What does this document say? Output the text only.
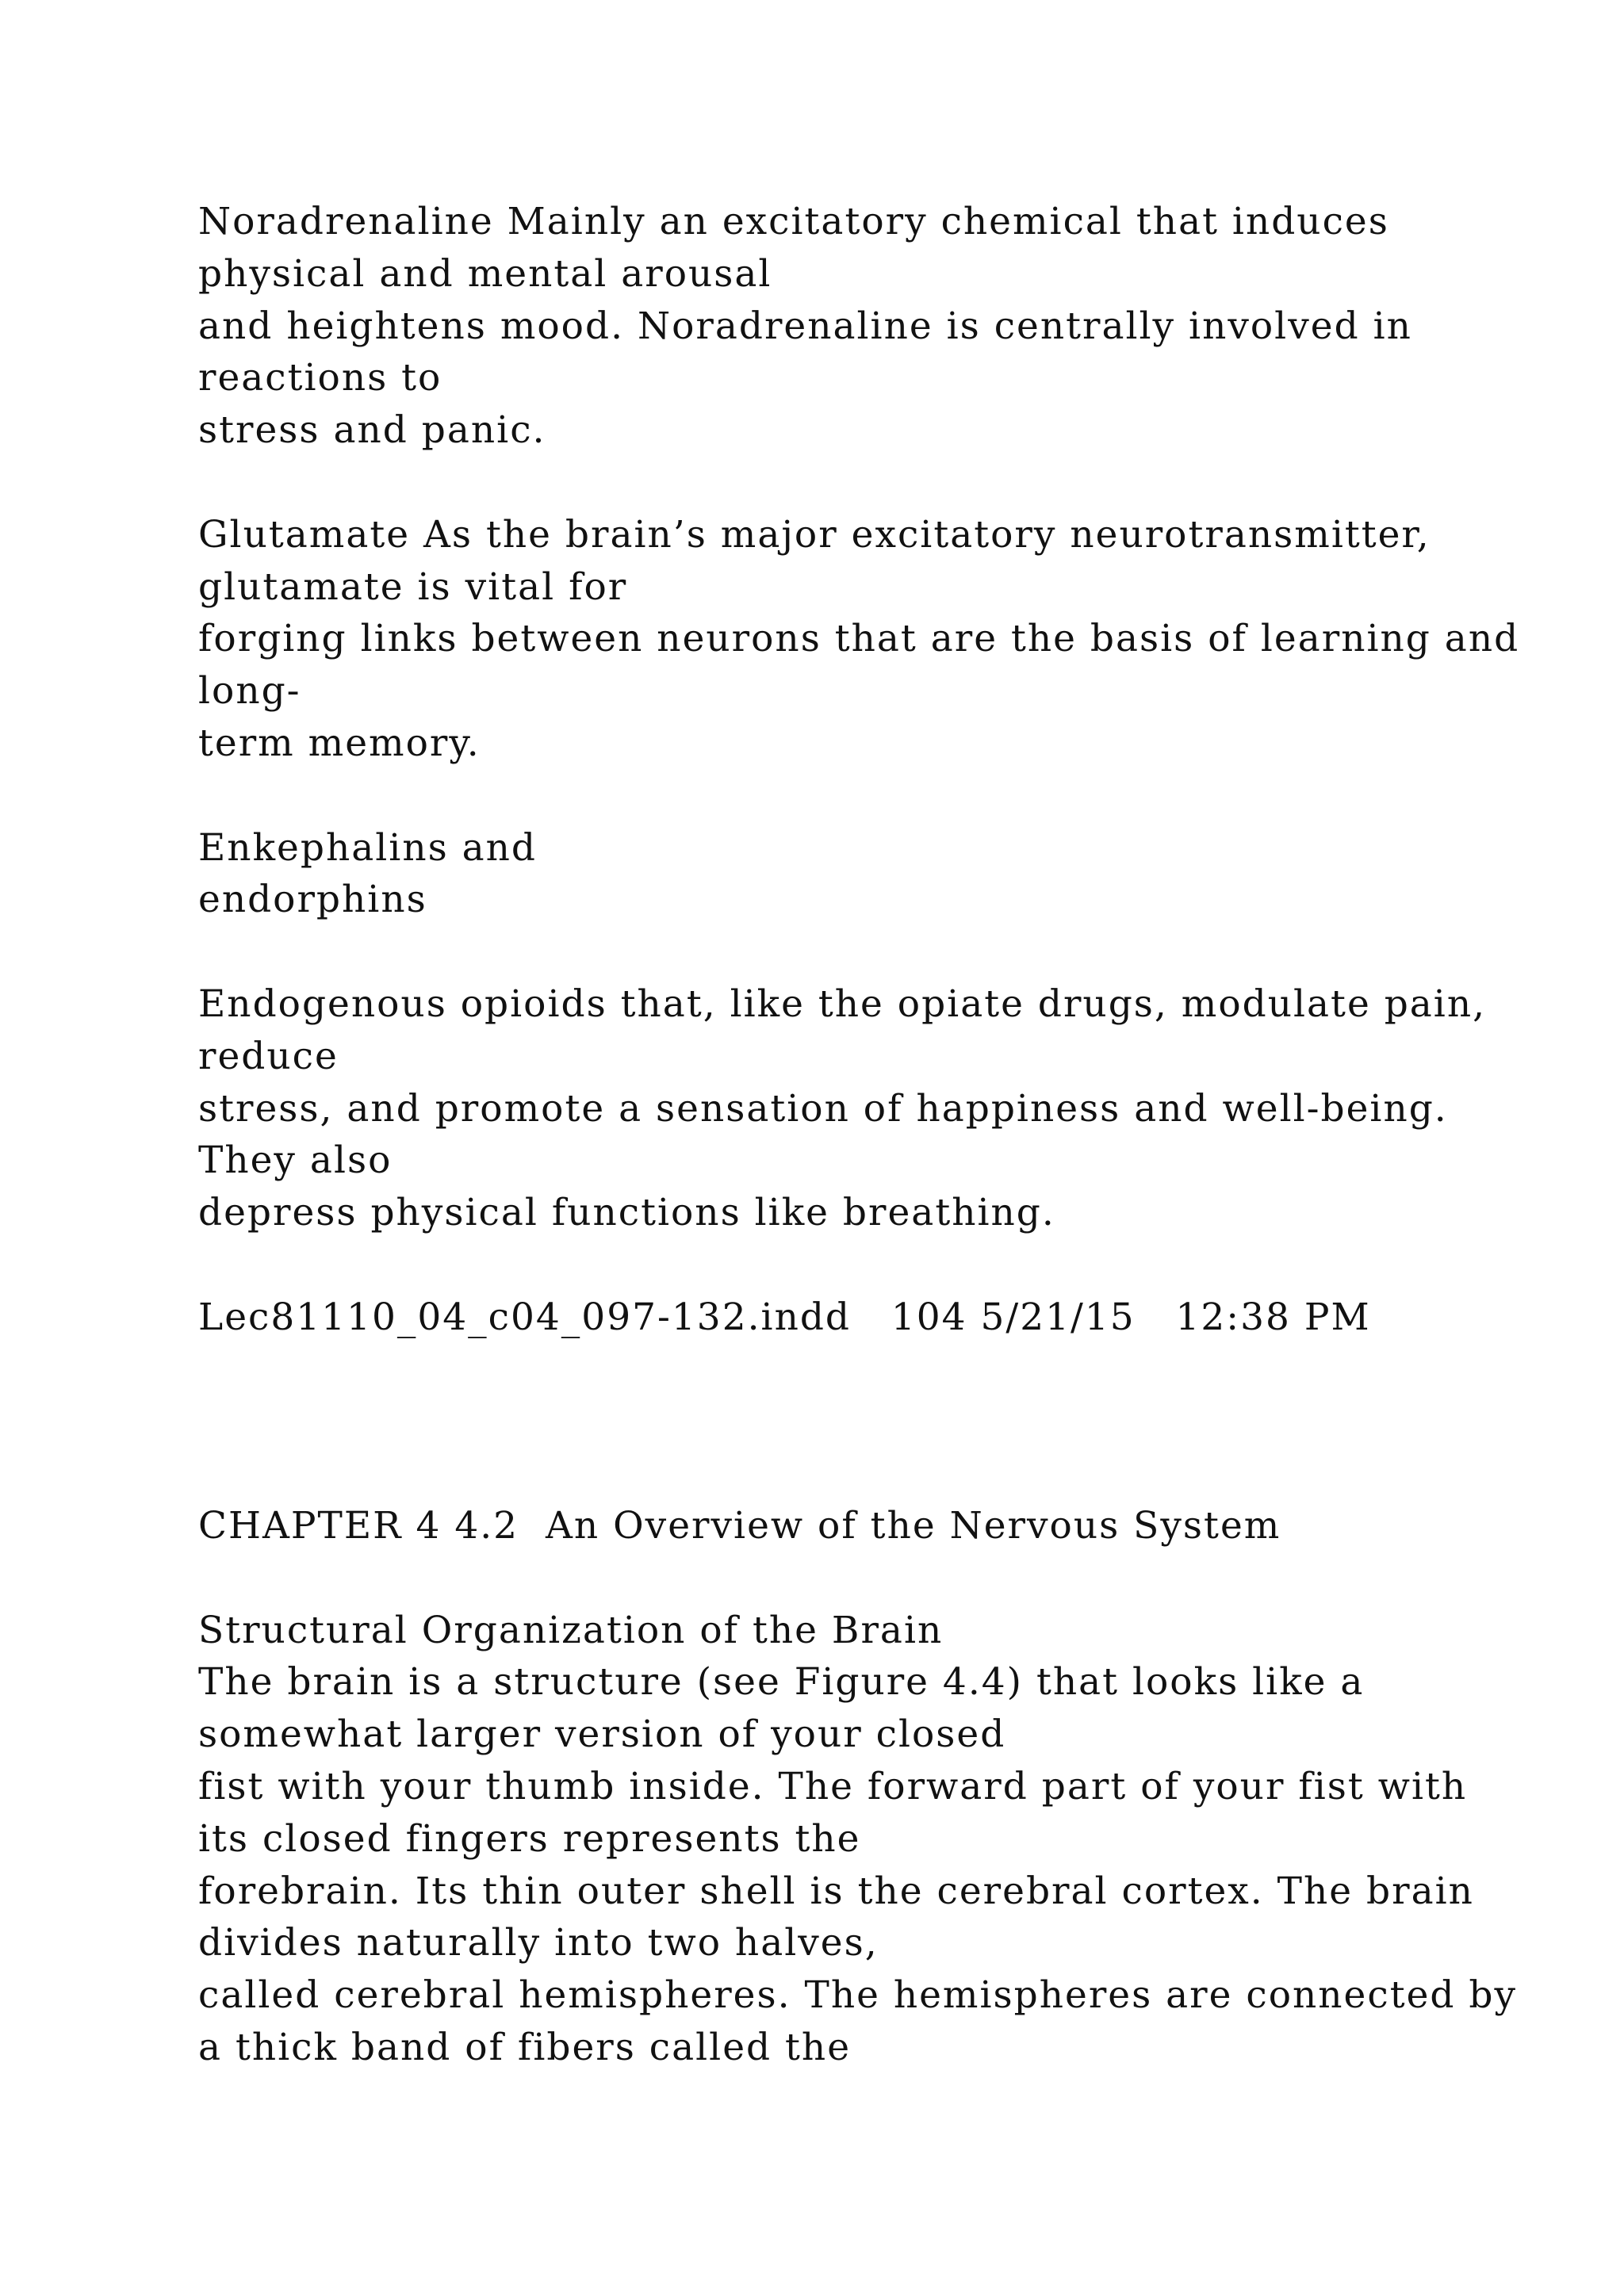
Noradrenaline Mainly an excitatory chemical that induces
physical and mental arousal
and heightens mood. Noradrenaline is centrally involved in
reactions to
stress and panic.
Glutamate As the brain’s major excitatory neurotransmitter,
glutamate is vital for
forging links between neurons that are the basis of learning and
long-
term memory.
Enkephalins and
endorphins
Endogenous opioids that, like the opiate drugs, modulate pain,
reduce
stress, and promote a sensation of happiness and well-being.
They also
depress physical functions like breathing.
Lec81110_04_c04_097-132.indd   104 5/21/15   12:38 PM
CHAPTER 4 4.2  An Overview of the Nervous System
Structural Organization of the Brain
The brain is a structure (see Figure 4.4) that looks like a
somewhat larger version of your closed
fist with your thumb inside. The forward part of your fist with
its closed fingers represents the
forebrain. Its thin outer shell is the cerebral cortex. The brain
divides naturally into two halves,
called cerebral hemispheres. The hemispheres are connected by
a thick band of fibers called the
